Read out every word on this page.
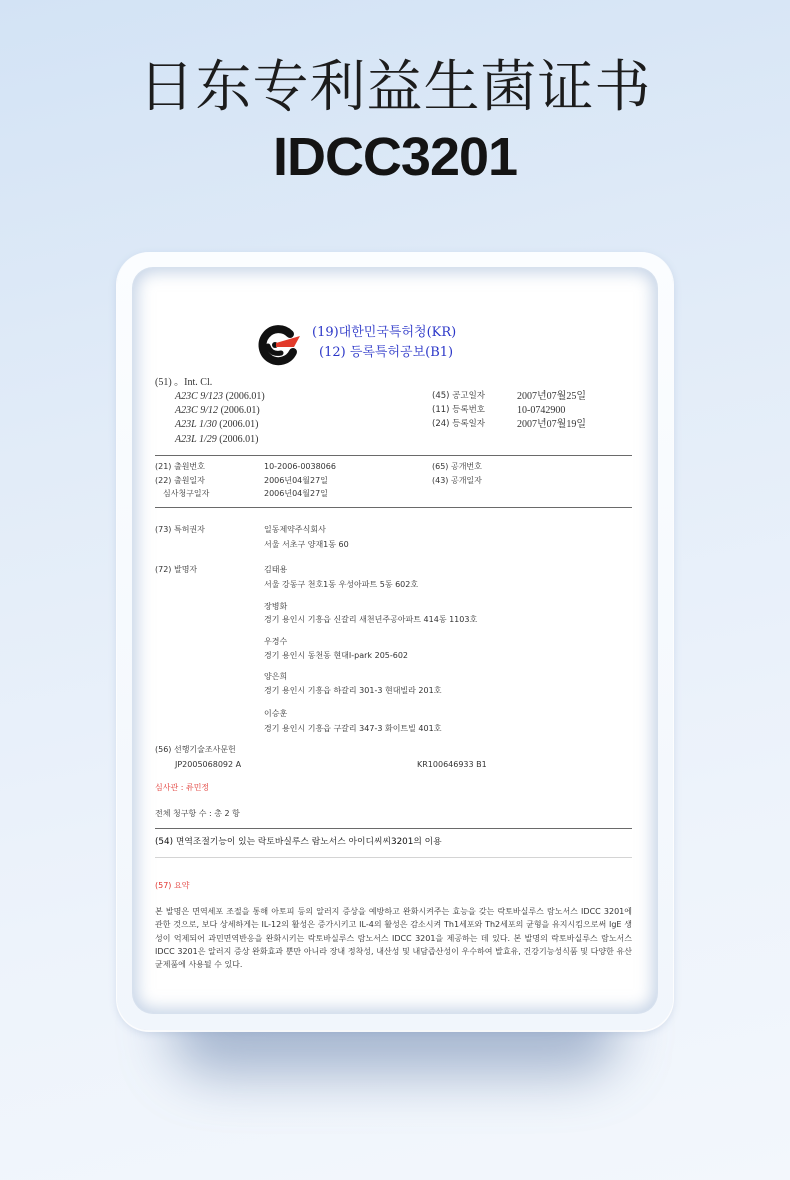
日东专利益生菌证书
IDCC3201
(19)대한민국특허청(KR)
(12) 등록특허공보(B1)
(51) 。Int. Cl.
A23C 9/123 (2006.01)
A23C 9/12 (2006.01)
A23L 1/30 (2006.01)
A23L 1/29 (2006.01)
(45) 공고일자	2007년07월25일
(11) 등록번호	10-0742900
(24) 등록일자	2007년07월19일
(21) 출원번호	10-2006-0038066	(65) 공개번호
(22) 출원일자	2006년04월27일	(43) 공개일자
심사청구일자	2006년04월27일
(73) 특허권자	일동제약주식회사
서울 서초구 양재1동 60
(72) 발명자	김태용
서울 강동구 천호1동 우성아파트 5동 602호
장병화
경기 용인시 기흥읍 신갈리 새천년주공아파트 414동 1103호
우경수
경기 용인시 동천동 현대I-park 205-602
양은희
경기 용인시 기흥읍 하갈리 301-3 현대빌라 201호
이승훈
경기 용인시 기흥읍 구갈리 347-3 화이트빌 401호
(56) 선행기술조사문헌
JP2005068092 A	KR100646933 B1
심사관 : 류민정
전체 청구항 수 : 총 2 항
(54) 면역조절기능이 있는 락토바실루스 람노서스 아이디씨씨3201의 이용
(57) 요약
본 발명은 면역세포 조절을 통해 아토피 등의 알러지 증상을 예방하고 완화시켜주는 효능을 갖는 락토바실루스 람노서스 IDCC 3201에 관한 것으로, 보다 상세하게는 IL-12의 활성은 증가시키고 IL-4의 활성은 감소시켜 Th1세포와 Th2세포의 균형을 유지시킴으로써 IgE 생성이 억제되어 과민면역반응을 완화시키는 락토바실루스 람노서스 IDCC 3201을 제공하는 데 있다. 본 발명의 락토바실루스 람노서스 IDCC 3201은 알러지 증상 완화효과 뿐만 아니라 장내 정착성, 내산성 및 내담즙산성이 우수하여 발효유, 건강기능성식품 및 다양한 유산균제품에 사용될 수 있다.
